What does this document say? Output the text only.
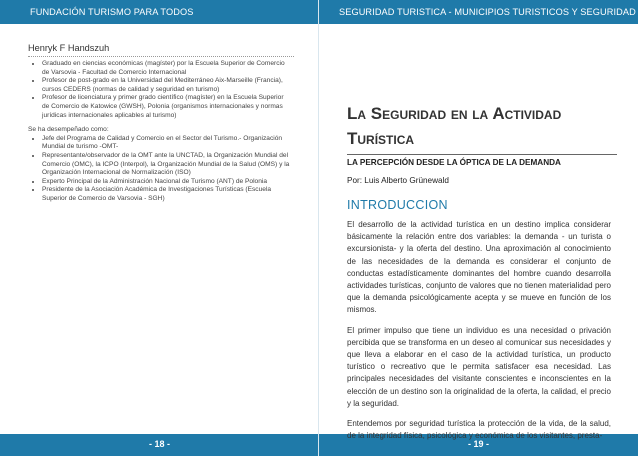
FUNDACIÓN TURISMO PARA TODOS
Henryk F Handszuh
• Graduado en ciencias económicas (magíster) por la Escuela Superior de Comercio de Varsovia - Facultad de Comercio Internacional
• Profesor de post-grado en la Universidad del Mediterráneo Aix-Marseille (Francia), cursos CEDERS (normas de calidad y seguridad en turismo)
• Profesor de licenciatura y primer grado científico (magíster) en la Escuela Superior de Comercio de Katowice (GWSH), Polonia (organismos internacionales y normas jurídicas internacionales aplicables al turismo)

Se ha desempeñado como:

• Jefe del Programa de Calidad y Comercio en el Sector del Turismo.- Organización Mundial de turismo -OMT-
• Representante/observador de la OMT ante la UNCTAD, la Organización Mundial del Comercio (OMC), la ICPO (Interpol), la Organización Mundial de la Salud (OMS) y la Organización Internacional de Normalización (ISO)
• Experto Principal de la Administración Nacional de Turismo (ANT) de Polonia
• Presidente de la Asociación Académica de Investigaciones Turísticas (Escuela Superior de Comercio de Varsovia - SGH)
- 18 -
SEGURIDAD TURISTICA - MUNICIPIOS TURISTICOS Y SEGURIDAD
- 19 -
La Seguridad en la Actividad
Turística
LA PERCEPCIÓN DESDE LA ÓPTICA DE LA DEMANDA
Por: Luis Alberto Grünewald
INTRODUCCION

El desarrollo de la actividad turística en un destino implica considerar básicamente la relación entre dos variables: la demanda - un turista o excursionista- y la oferta del destino. Una aproximación al conocimiento de las necesidades de la demanda es considerar el conjunto de conductas estadísticamente dominantes del hombre cuando desarrolla actividades turísticas, conjunto de valores que no tienen materialidad pero que la demanda psicológicamente acepta y se mueve en función de los mismos.

El primer impulso que tiene un individuo es una necesidad o privación percibida que se transforma en un deseo al comunicar sus necesidades y que lleva a elaborar en el caso de la actividad turística, un producto turístico o recreativo que le permita satisfacer esa necesidad. Las principales necesidades del visitante conscientes e inconscientes en la elección de un destino son la originalidad de la oferta, la calidad, el precio y la seguridad.

Entendemos por seguridad turística la protección de la vida, de la salud, de la integridad física, psicológica y económica de los visitantes, presta-
